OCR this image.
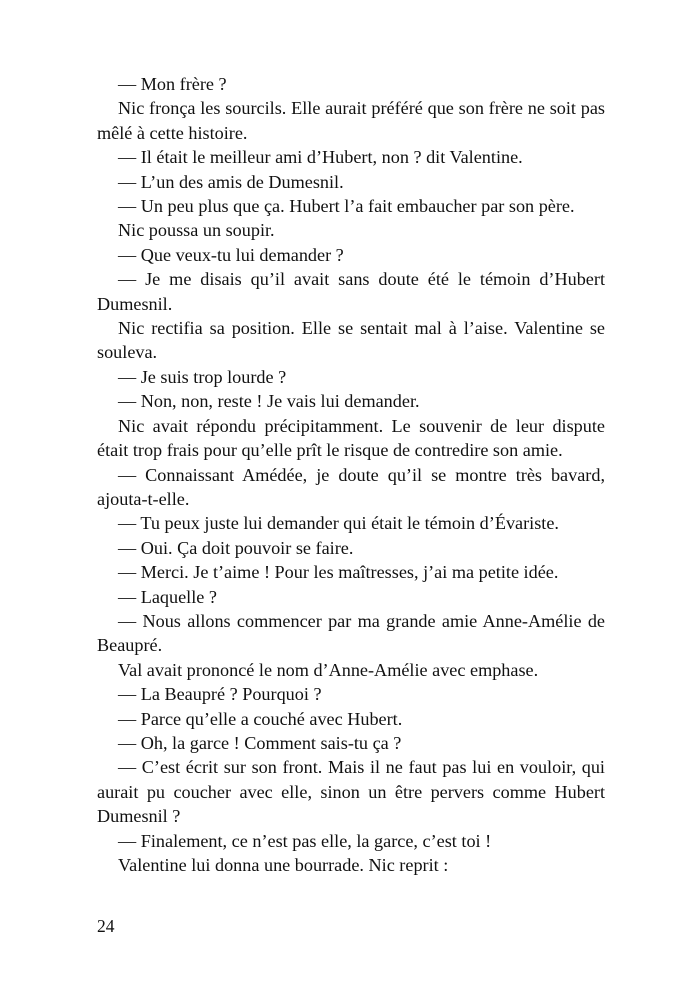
— Mon frère ?

Nic fronça les sourcils. Elle aurait préféré que son frère ne soit pas mêlé à cette histoire.

— Il était le meilleur ami d’Hubert, non ? dit Valentine.

— L’un des amis de Dumesnil.

— Un peu plus que ça. Hubert l’a fait embaucher par son père.

Nic poussa un soupir.

— Que veux-tu lui demander ?

— Je me disais qu’il avait sans doute été le témoin d’Hubert Dumesnil.

Nic rectifia sa position. Elle se sentait mal à l’aise. Valentine se souleva.

— Je suis trop lourde ?

— Non, non, reste ! Je vais lui demander.

Nic avait répondu précipitamment. Le souvenir de leur dispute était trop frais pour qu’elle prît le risque de contredire son amie.

— Connaissant Amédée, je doute qu’il se montre très bavard, ajouta-t-elle.

— Tu peux juste lui demander qui était le témoin d’Évariste.

— Oui. Ça doit pouvoir se faire.

— Merci. Je t’aime ! Pour les maîtresses, j’ai ma petite idée.

— Laquelle ?

— Nous allons commencer par ma grande amie Anne-Amélie de Beaupré.

Val avait prononcé le nom d’Anne-Amélie avec emphase.

— La Beaupré ? Pourquoi ?

— Parce qu’elle a couché avec Hubert.

— Oh, la garce ! Comment sais-tu ça ?

— C’est écrit sur son front. Mais il ne faut pas lui en vouloir, qui aurait pu coucher avec elle, sinon un être pervers comme Hubert Dumesnil ?

— Finalement, ce n’est pas elle, la garce, c’est toi !

Valentine lui donna une bourrade. Nic reprit :

24
